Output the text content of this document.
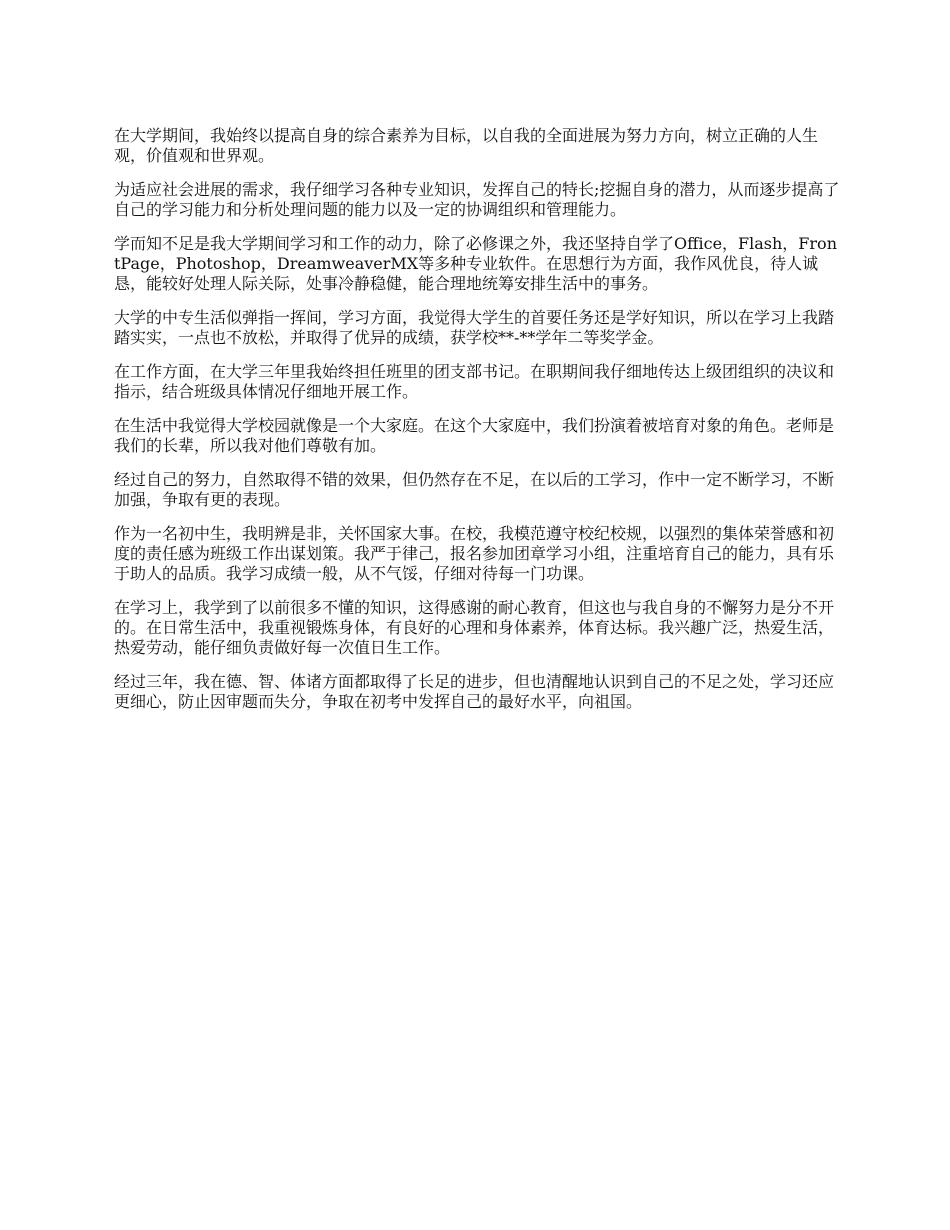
在大学期间，我始终以提高自身的综合素养为目标，以自我的全面进展为努力方向，树立正确的人生观，价值观和世界观。

为适应社会进展的需求，我仔细学习各种专业知识，发挥自己的特长;挖掘自身的潜力，从而逐步提高了自己的学习能力和分析处理问题的能力以及一定的协调组织和管理能力。

学而知不足是我大学期间学习和工作的动力，除了必修课之外，我还坚持自学了Office，Flash，FrontPage，Photoshop，DreamweaverMX等多种专业软件。在思想行为方面，我作风优良，待人诚恳，能较好处理人际关际，处事冷静稳健，能合理地统筹安排生活中的事务。

大学的中专生活似弹指一挥间，学习方面，我觉得大学生的首要任务还是学好知识，所以在学习上我踏踏实实，一点也不放松，并取得了优异的成绩，获学校**-**学年二等奖学金。

在工作方面，在大学三年里我始终担任班里的团支部书记。在职期间我仔细地传达上级团组织的决议和指示，结合班级具体情况仔细地开展工作。

在生活中我觉得大学校园就像是一个大家庭。在这个大家庭中，我们扮演着被培育对象的角色。老师是我们的长辈，所以我对他们尊敬有加。

经过自己的努力，自然取得不错的效果，但仍然存在不足，在以后的工学习，作中一定不断学习，不断加强，争取有更的表现。

作为一名初中生，我明辨是非，关怀国家大事。在校，我模范遵守校纪校规，以强烈的集体荣誉感和初度的责任感为班级工作出谋划策。我严于律己，报名参加团章学习小组，注重培育自己的能力，具有乐于助人的品质。我学习成绩一般，从不气馁，仔细对待每一门功课。

在学习上，我学到了以前很多不懂的知识，这得感谢的耐心教育，但这也与我自身的不懈努力是分不开的。在日常生活中，我重视锻炼身体，有良好的心理和身体素养，体育达标。我兴趣广泛，热爱生活，热爱劳动，能仔细负责做好每一次值日生工作。

经过三年，我在德、智、体诸方面都取得了长足的进步，但也清醒地认识到自己的不足之处，学习还应更细心，防止因审题而失分，争取在初考中发挥自己的最好水平，向祖国。
